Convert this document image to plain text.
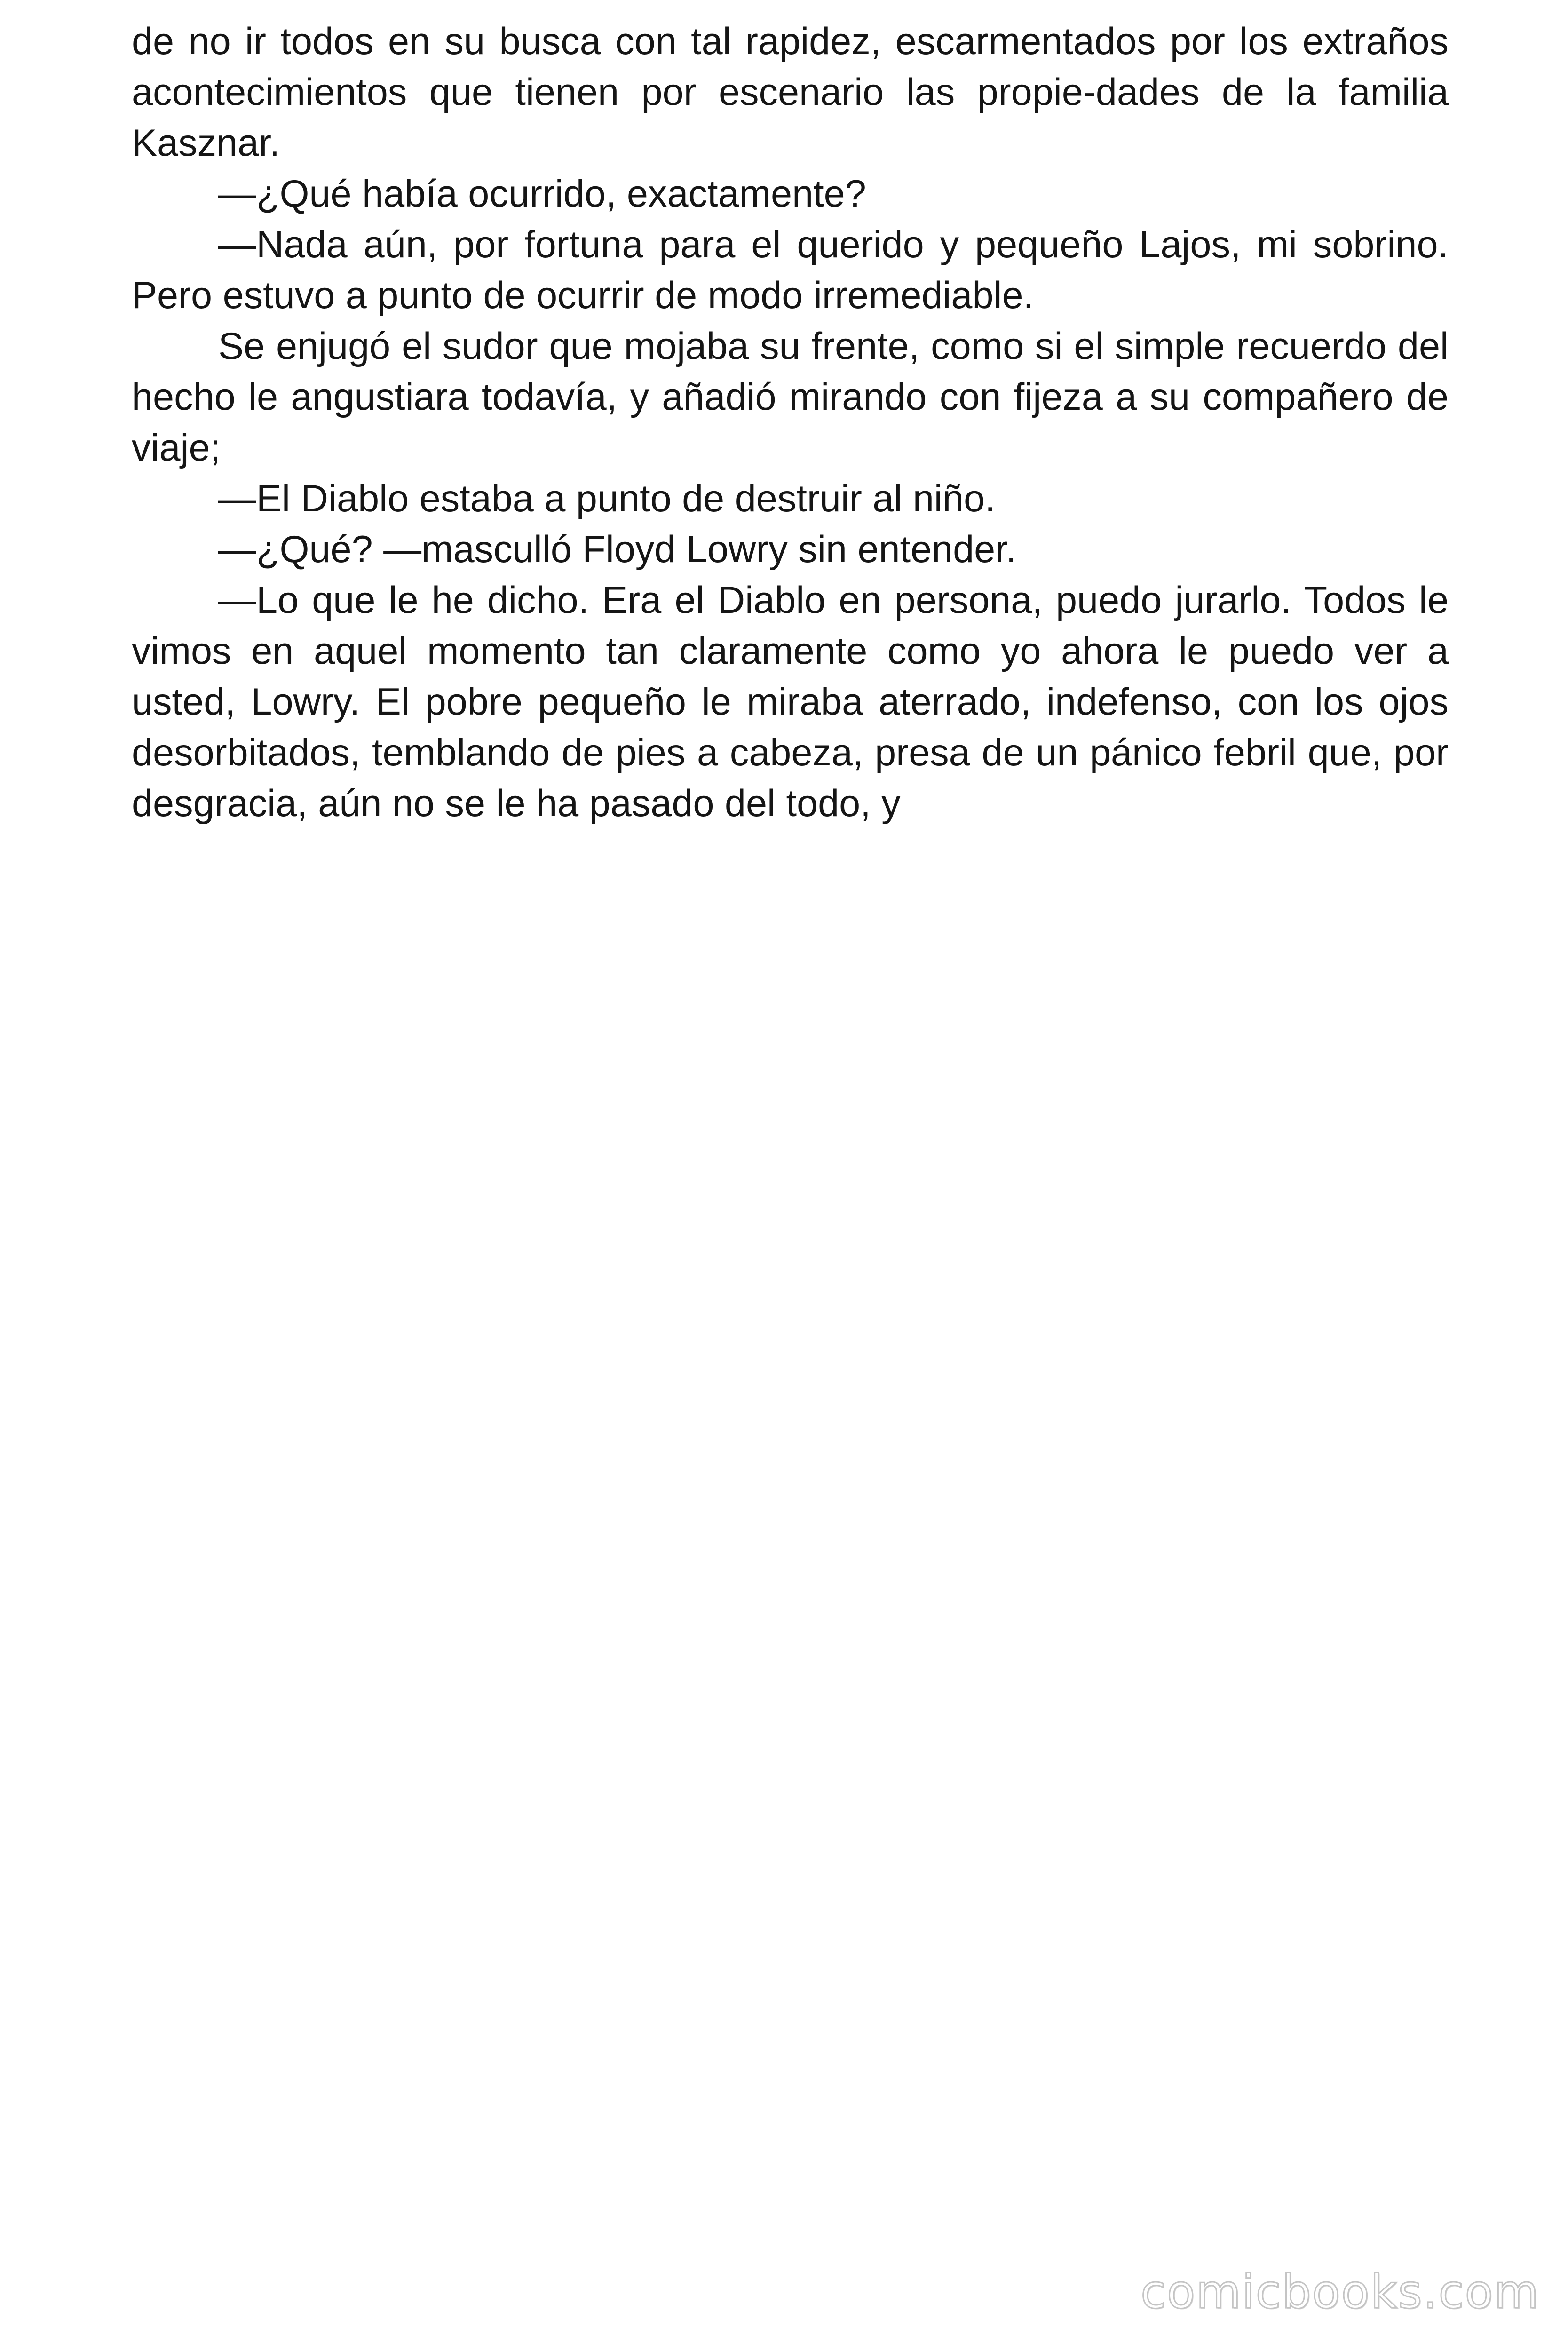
de no ir todos en su busca con tal rapidez, escarmentados por los extraños acontecimientos que tienen por escenario las propie-dades de la familia Kasznar.

—¿Qué había ocurrido, exactamente?

—Nada aún, por fortuna para el querido y pequeño Lajos, mi sobrino. Pero estuvo a punto de ocurrir de modo irremediable.

Se enjugó el sudor que mojaba su frente, como si el simple recuerdo del hecho le angustiara todavía, y añadió mirando con fijeza a su compañero de viaje;

—El Diablo estaba a punto de destruir al niño.

—¿Qué? —masculló Floyd Lowry sin entender.

—Lo que le he dicho. Era el Diablo en persona, puedo jurarlo. Todos le vimos en aquel momento tan claramente como yo ahora le puedo ver a usted, Lowry. El pobre pequeño le miraba aterrado, indefenso, con los ojos desorbitados, temblando de pies a cabeza, presa de un pánico febril que, por desgracia, aún no se le ha pasado del todo, y

comicbooks.com
